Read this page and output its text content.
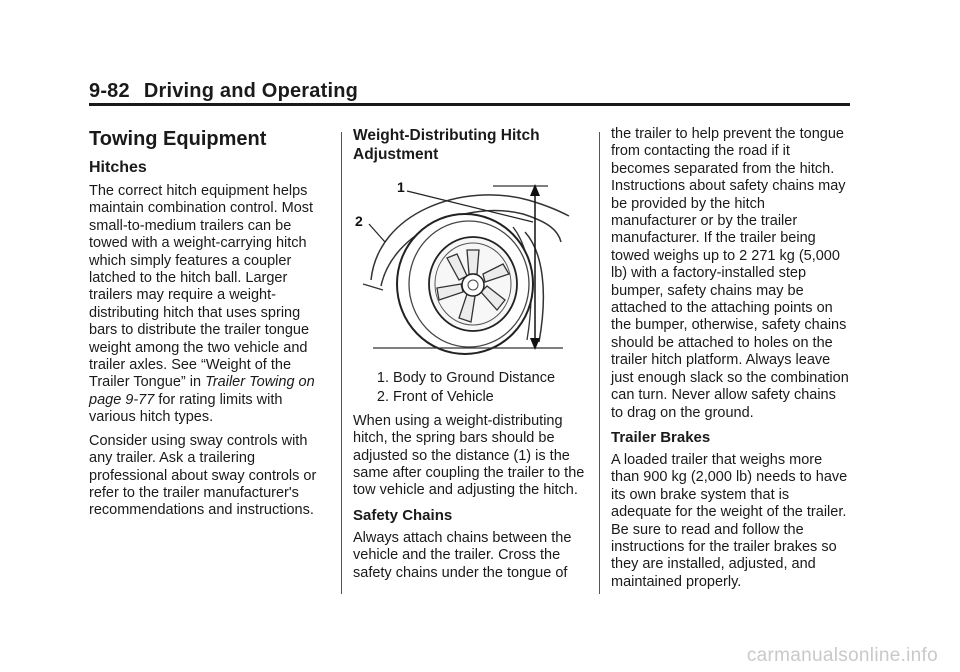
9-82 Driving and Operating
Towing Equipment
Hitches

The correct hitch equipment helps maintain combination control. Most small-to-medium trailers can be towed with a weight-carrying hitch which simply features a coupler latched to the hitch ball. Larger trailers may require a weight-distributing hitch that uses spring bars to distribute the trailer tongue weight among the two vehicle and trailer axles. See “Weight of the Trailer Tongue” in Trailer Towing on page 9-77 for rating limits with various hitch types.

Consider using sway controls with any trailer. Ask a trailering professional about sway controls or refer to the trailer manufacturer's recommendations and instructions.

Weight-Distributing Hitch Adjustment
1
2
1. Body to Ground Distance
2. Front of Vehicle

When using a weight-distributing hitch, the spring bars should be adjusted so the distance (1) is the same after coupling the trailer to the tow vehicle and adjusting the hitch.

Safety Chains

Always attach chains between the vehicle and the trailer. Cross the safety chains under the tongue of

the trailer to help prevent the tongue from contacting the road if it becomes separated from the hitch. Instructions about safety chains may be provided by the hitch manufacturer or by the trailer manufacturer. If the trailer being towed weighs up to 2 271 kg (5,000 lb) with a factory-installed step bumper, safety chains may be attached to the attaching points on the bumper, otherwise, safety chains should be attached to holes on the trailer hitch platform. Always leave just enough slack so the combination can turn. Never allow safety chains to drag on the ground.

Trailer Brakes

A loaded trailer that weighs more than 900 kg (2,000 lb) needs to have its own brake system that is adequate for the weight of the trailer. Be sure to read and follow the instructions for the trailer brakes so they are installed, adjusted, and maintained properly.

carmanualsonline.info
